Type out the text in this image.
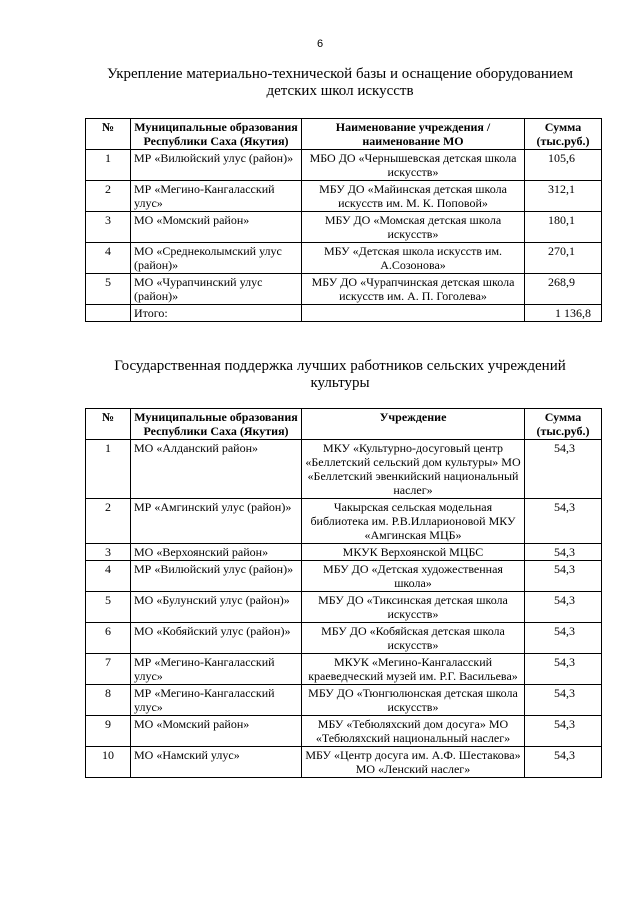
6
Укрепление материально-технической базы и оснащение оборудованием детских школ искусств
№	Муниципальные образования Республики Саха (Якутия)	Наименование учреждения / наименование МО	Сумма (тыс.руб.)
1	МР «Вилюйский улус (район)»	МБО ДО «Чернышевская детская школа искусств»	105,6
2	МР «Мегино-Кангаласский улус»	МБУ ДО «Майинская детская школа искусств им. М. К. Поповой»	312,1
3	МО «Момский район»	МБУ ДО «Момская детская школа искусств»	180,1
4	МО «Среднеколымский улус (район)»	МБУ «Детская школа искусств им. А.Созонова»	270,1
5	МО «Чурапчинский улус (район)»	МБУ ДО «Чурапчинская детская школа искусств им. А. П. Гоголева»	268,9
	Итого:		1 136,8
Государственная поддержка лучших работников сельских учреждений культуры
№	Муниципальные образования Республики Саха (Якутия)	Учреждение	Сумма (тыс.руб.)
1	МО «Алданский район»	МКУ «Культурно-досуговый центр «Беллетский сельский дом культуры» МО «Беллетский эвенкийский национальный наслег»	54,3
2	МР «Амгинский улус (район)»	Чакырская сельская модельная библиотека им. Р.В.Илларионовой МКУ «Амгинская МЦБ»	54,3
3	МО «Верхоянский район»	МКУК Верхоянской МЦБС	54,3
4	МР «Вилюйский улус (район)»	МБУ ДО «Детская художественная школа»	54,3
5	МО «Булунский улус (район)»	МБУ ДО «Тиксинская детская школа искусств»	54,3
6	МО «Кобяйский улус (район)»	МБУ ДО «Кобяйская детская школа искусств»	54,3
7	МР «Мегино-Кангаласский улус»	МКУК «Мегино-Кангаласский краеведческий музей им. Р.Г. Васильева»	54,3
8	МР «Мегино-Кангаласский улус»	МБУ ДО «Тюнгюлюнская детская школа искусств»	54,3
9	МО «Момский район»	МБУ «Тебюляхский дом досуга» МО «Тебюляхский национальный наслег»	54,3
10	МО «Намский улус»	МБУ «Центр досуга им. А.Ф. Шестакова» МО «Ленский наслег»	54,3
